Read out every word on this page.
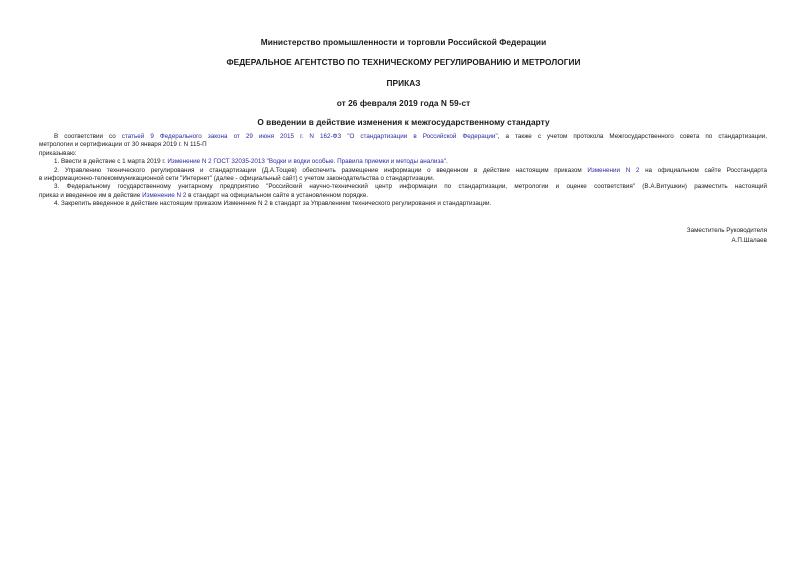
Министерство промышленности и торговли Российской Федерации
ФЕДЕРАЛЬНОЕ АГЕНТСТВО ПО ТЕХНИЧЕСКОМУ РЕГУЛИРОВАНИЮ И МЕТРОЛОГИИ
ПРИКАЗ
от 26 февраля 2019 года N 59-ст
О введении в действие изменения к межгосударственному стандарту
В соответствии со статьей 9 Федерального закона от 29 июня 2015 г. N 162-ФЗ "О стандартизации в Российской Федерации", а также с учетом протокола Межгосударственного совета по стандартизации,
метрологии и сертификации от 30 января 2019 г. N 115-П
приказываю:
1. Ввести в действие с 1 марта 2019 г. Изменение N 2 ГОСТ 32035-2013 "Водки и водки особые. Правила приемки и методы анализа".
2. Управлению технического регулирования и стандартизации (Д.А.Тощев) обеспечить размещение информации о введенном в действие настоящим приказом Изменении N 2 на официальном сайте Росстандарта
в информационно-телекоммуникационной сети "Интернет" (далее - официальный сайт) с учетом законодательства о стандартизации.
3. Федеральному государственному унитарному предприятию "Российский научно-технический центр информации по стандартизации, метрологии и оценке соответствия" (В.А.Витушкин) разместить настоящий
приказ и введенное им в действие Изменение N 2 в стандарт на официальном сайте в установленном порядке.
4. Закрепить введенное в действие настоящим приказом Изменение N 2 в стандарт за Управлением технического регулирования и стандартизации.
Заместитель Руководителя
А.П.Шалаев
